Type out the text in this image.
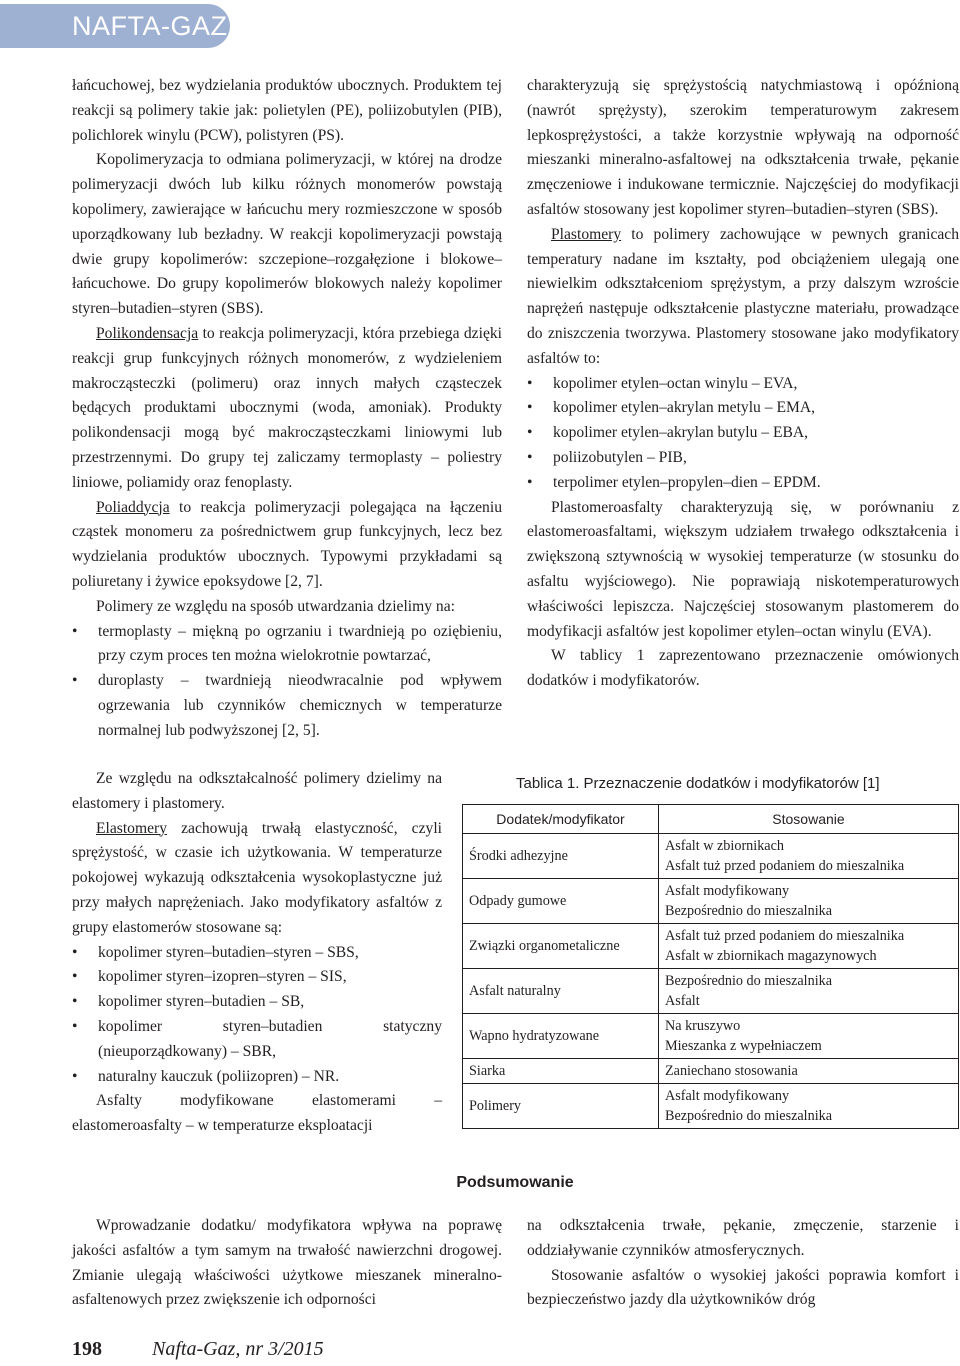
NAFTA-GAZ

łańcuchowej, bez wydzielania produktów ubocznych. Produktem tej reakcji są polimery takie jak: polietylen (PE), poliizobutylen (PIB), polichlorek winylu (PCW), polistyren (PS).

Kopolimeryzacja to odmiana polimeryzacji, w której na drodze polimeryzacji dwóch lub kilku różnych monomerów powstają kopolimery, zawierające w łańcuchu mery rozmieszczone w sposób uporządkowany lub bezładny. W reakcji kopolimeryzacji powstają dwie grupy kopolimerów: szczepione–rozgałęzione i blokowe–łańcuchowe. Do grupy kopolimerów blokowych należy kopolimer styren–butadien–styren (SBS).

Polikondensacja to reakcja polimeryzacji, która przebiega dzięki reakcji grup funkcyjnych różnych monomerów, z wydzieleniem makrocząsteczki (polimeru) oraz innych małych cząsteczek będących produktami ubocznymi (woda, amoniak). Produkty polikondensacji mogą być makrocząsteczkami liniowymi lub przestrzennymi. Do grupy tej zaliczamy termoplasty – poliestry liniowe, poliamidy oraz fenoplasty.

Poliaddycja to reakcja polimeryzacji polegająca na łączeniu cząstek monomeru za pośrednictwem grup funkcyjnych, lecz bez wydzielania produktów ubocznych. Typowymi przykładami są poliuretany i żywice epoksydowe [2, 7].

Polimery ze względu na sposób utwardzania dzielimy na:

• termoplasty – miękną po ogrzaniu i twardnieją po oziębieniu, przy czym proces ten można wielokrotnie powtarzać,
• duroplasty – twardnieją nieodwracalnie pod wpływem ogrzewania lub czynników chemicznych w temperaturze normalnej lub podwyższonej [2, 5].

Ze względu na odkształcalność polimery dzielimy na elastomery i plastomery.

Elastomery zachowują trwałą elastyczność, czyli sprężystość, w czasie ich użytkowania. W temperaturze pokojowej wykazują odkształcenia wysokoplastyczne już przy małych naprężeniach. Jako modyfikatory asfaltów z grupy elastomerów stosowane są:

• kopolimer styren–butadien–styren – SBS,
• kopolimer styren–izopren–styren – SIS,
• kopolimer styren–butadien – SB,
• kopolimer styren–butadien statyczny (nieuporządkowany) – SBR,
• naturalny kauczuk (poliizopren) – NR.

Asfalty modyfikowane elastomerami – elastomeroasfalty – w temperaturze eksploatacji

charakteryzują się sprężystością natychmiastową i opóźnioną (nawrót sprężysty), szerokim temperaturowym zakresem lepkosprężystości, a także korzystnie wpływają na odporność mieszanki mineralno-asfaltowej na odkształcenia trwałe, pękanie zmęczeniowe i indukowane termicznie. Najczęściej do modyfikacji asfaltów stosowany jest kopolimer styren–butadien–styren (SBS).

Plastomery to polimery zachowujące w pewnych granicach temperatury nadane im kształty, pod obciążeniem ulegają one niewielkim odkształceniom sprężystym, a przy dalszym wzroście naprężeń następuje odkształcenie plastyczne materiału, prowadzące do zniszczenia tworzywa. Plastomery stosowane jako modyfikatory asfaltów to:

• kopolimer etylen–octan winylu – EVA,
• kopolimer etylen–akrylan metylu – EMA,
• kopolimer etylen–akrylan butylu – EBA,
• poliizobutylen – PIB,
• terpolimer etylen–propylen–dien – EPDM.

Plastomeroasfalty charakteryzują się, w porównaniu z elastomeroasfaltami, większym udziałem trwałego odkształcenia i zwiększoną sztywnością w wysokiej temperaturze (w stosunku do asfaltu wyjściowego). Nie poprawiają niskotemperaturowych właściwości lepiszcza. Najczęściej stosowanym plastomerem do modyfikacji asfaltów jest kopolimer etylen–octan winylu (EVA).

W tablicy 1 zaprezentowano przeznaczenie omówionych dodatków i modyfikatorów.

Tablica 1. Przeznaczenie dodatków i modyfikatorów [1]
Dodatek/modyfikator	Stosowanie
Środki adhezyjne	Asfalt w zbiornikach
Asfalt tuż przed podaniem do mieszalnika

Odpady gumowe	Asfalt modyfikowany
Bezpośrednio do mieszalnika

Związki organometaliczne	Asfalt tuż przed podaniem do mieszalnika
Asfalt w zbiornikach magazynowych

Asfalt naturalny	Bezpośrednio do mieszalnika
Asfalt

Wapno hydratyzowane	Na kruszywo
Mieszanka z wypełniaczem

Siarka	Zaniechano stosowania

Polimery	Asfalt modyfikowany
Bezpośrednio do mieszalnika
Podsumowanie

Wprowadzanie dodatku/ modyfikatora wpływa na poprawę jakości asfaltów a tym samym na trwałość nawierzchni drogowej. Zmianie ulegają właściwości użytkowe mieszanek mineralno-asfaltenowych przez zwiększenie ich odporności

na odkształcenia trwałe, pękanie, zmęczenie, starzenie i oddziaływanie czynników atmosferycznych.

Stosowanie asfaltów o wysokiej jakości poprawia komfort i bezpieczeństwo jazdy dla użytkowników dróg

198	Nafta-Gaz, nr 3/2015
